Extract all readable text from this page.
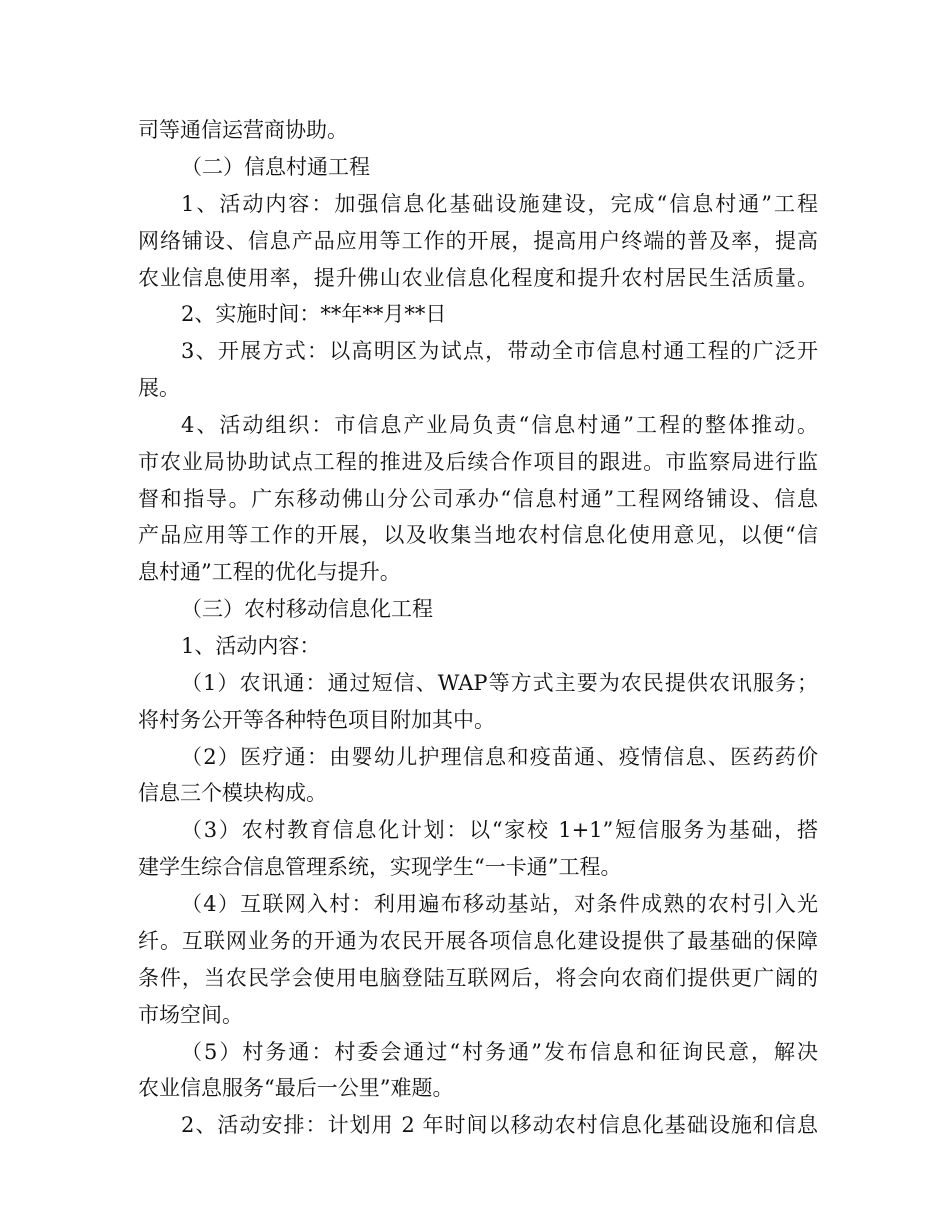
司等通信运营商协助。
（二）信息村通工程
1、活动内容：加强信息化基础设施建设，完成“信息村通”工程
网络铺设、信息产品应用等工作的开展，提高用户终端的普及率，提高
农业信息使用率，提升佛山农业信息化程度和提升农村居民生活质量。
2、实施时间：**年**月**日
3、开展方式：以高明区为试点，带动全市信息村通工程的广泛开
展。
4、活动组织：市信息产业局负责“信息村通”工程的整体推动。
市农业局协助试点工程的推进及后续合作项目的跟进。市监察局进行监
督和指导。广东移动佛山分公司承办“信息村通”工程网络铺设、信息
产品应用等工作的开展，以及收集当地农村信息化使用意见，以便“信
息村通”工程的优化与提升。
（三）农村移动信息化工程
1、活动内容：
（1）农讯通：通过短信、WAP等方式主要为农民提供农讯服务；
将村务公开等各种特色项目附加其中。
（2）医疗通：由婴幼儿护理信息和疫苗通、疫情信息、医药药价
信息三个模块构成。
（3）农村教育信息化计划：以“家校 1+1”短信服务为基础，搭
建学生综合信息管理系统，实现学生“一卡通”工程。
（4）互联网入村：利用遍布移动基站，对条件成熟的农村引入光
纤。互联网业务的开通为农民开展各项信息化建设提供了最基础的保障
条件，当农民学会使用电脑登陆互联网后，将会向农商们提供更广阔的
市场空间。
（5）村务通：村委会通过“村务通”发布信息和征询民意，解决
农业信息服务“最后一公里”难题。
2、活动安排：计划用 2 年时间以移动农村信息化基础设施和信息
